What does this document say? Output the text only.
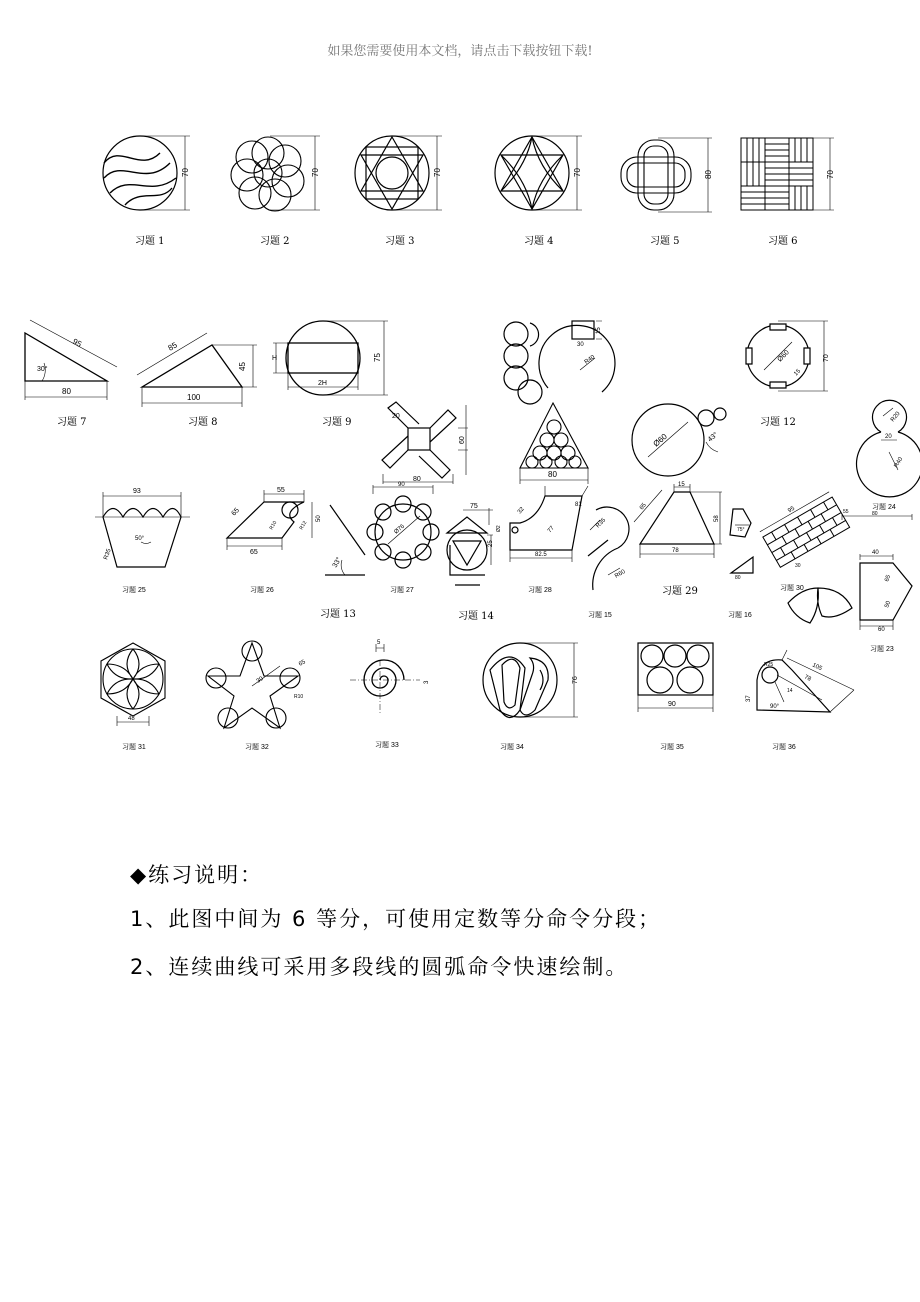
如果您需要使用本文档，请点击下载按钮下载!
70
习题 1
70
习题 2
70
习题 3
70
习题 4
80
习题 5
70
习题 6
95
30°
80
习题 7
85
45
100
习题 8
H	75
2H
习题 9
15
30
R40
20
60
80
80
Ø60	43°
Ø60
15
70
习题 12	R20
20
R40
习题 24
93
50°
R35
习题 25
55
65
50
R12
R10
65
习题 26
33°
习题 13
90
Ø76
习题 27
75
25
习题 14
81
32
77
82.5
Ø2
习题 28
R35
R60
习题 15
15
65
58
78
习题 29
75°
80
习题 16
95	55
30
习题 30
80
40
60
65
50
习题 23
48
习题 31
65
30
R10
习题 32
5
3
习题 33
76
习题 34
90
习题 35
105
78
37
14
R25
90°
习题 36
◆练习说明：
1、此图中间为 6 等分，可使用定数等分命令分段；
2、连续曲线可采用多段线的圆弧命令快速绘制。
